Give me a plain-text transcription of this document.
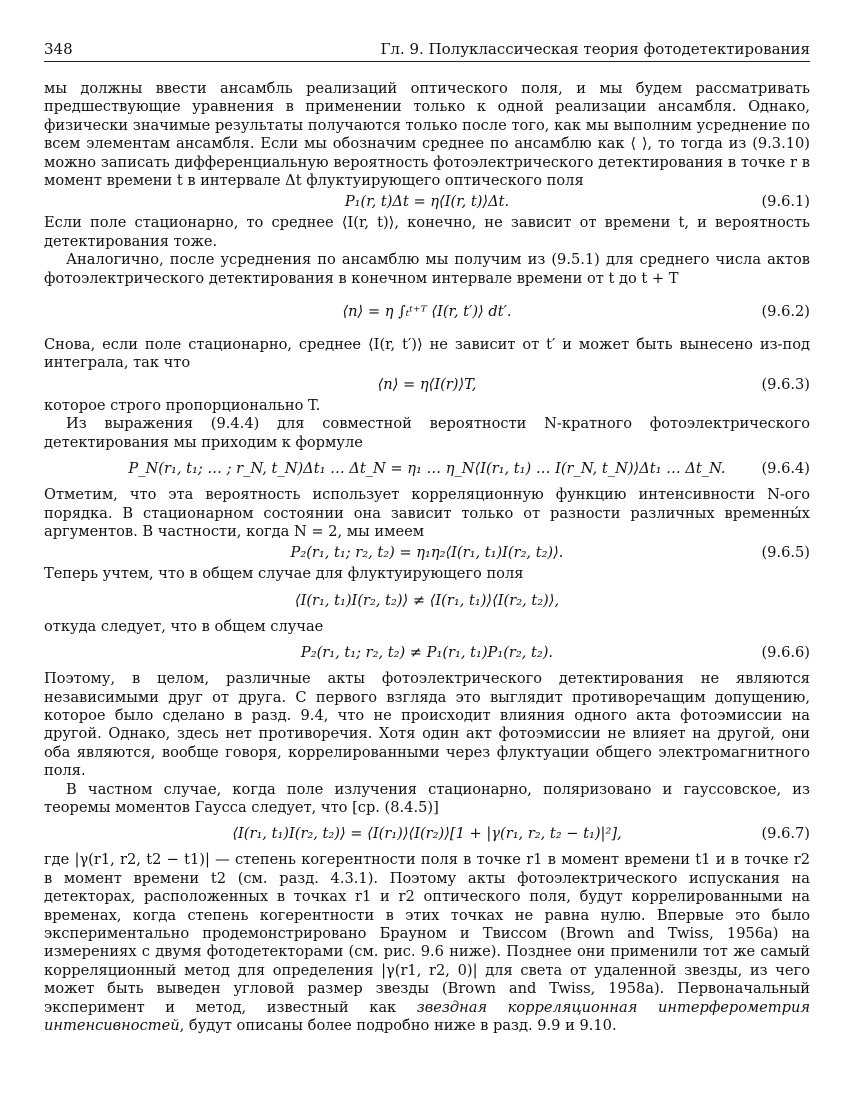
348	Гл. 9. Полуклассическая теория фотодетектирования

мы должны ввести ансамбль реализаций оптического поля, и мы будем рассматривать предшествующие уравнения в применении только к одной реализации ансамбля. Однако, физически значимые результаты получаются только после того, как мы выполним усреднение по всем элементам ансамбля. Если мы обозначим среднее по ансамблю как ⟨ ⟩, то тогда из (9.3.10) можно записать дифференциальную вероятность фотоэлектрического детектирования в точке r в момент времени t в интервале Δt флуктуирующего оптического поля

P₁(r, t)Δt = η⟨I(r, t)⟩Δt.	(9.6.1)

Если поле стационарно, то среднее ⟨I(r, t)⟩, конечно, не зависит от времени t, и вероятность детектирования тоже.

Аналогично, после усреднения по ансамблю мы получим из (9.5.1) для среднего числа актов фотоэлектрического детектирования в конечном интервале времени от t до t + T

⟨n⟩ = η ∫ₜᵗ⁺ᵀ ⟨I(r, t′)⟩ dt′.	(9.6.2)

Снова, если поле стационарно, среднее ⟨I(r, t′)⟩ не зависит от t′ и может быть вынесено из-под интеграла, так что

⟨n⟩ = η⟨I(r)⟩T,	(9.6.3)

которое строго пропорционально T.

Из выражения (9.4.4) для совместной вероятности N-кратного фотоэлектрического детектирования мы приходим к формуле

P_N(r₁, t₁; … ; r_N, t_N)Δt₁ … Δt_N = η₁ … η_N⟨I(r₁, t₁) … I(r_N, t_N)⟩Δt₁ … Δt_N.	(9.6.4)

Отметим, что эта вероятность использует корреляционную функцию интенсивности N-ого порядка. В стационарном состоянии она зависит только от разности различных временны́х аргументов. В частности, когда N = 2, мы имеем

P₂(r₁, t₁; r₂, t₂) = η₁η₂⟨I(r₁, t₁)I(r₂, t₂)⟩.	(9.6.5)

Теперь учтем, что в общем случае для флуктуирующего поля

⟨I(r₁, t₁)I(r₂, t₂)⟩ ≠ ⟨I(r₁, t₁)⟩⟨I(r₂, t₂)⟩,

откуда следует, что в общем случае

P₂(r₁, t₁; r₂, t₂) ≠ P₁(r₁, t₁)P₁(r₂, t₂).	(9.6.6)

Поэтому, в целом, различные акты фотоэлектрического детектирования не являются независимыми друг от друга. С первого взгляда это выглядит противоречащим допущению, которое было сделано в разд. 9.4, что не происходит влияния одного акта фотоэмиссии на другой. Однако, здесь нет противоречия. Хотя один акт фотоэмиссии не влияет на другой, они оба являются, вообще говоря, коррелированными через флуктуации общего электромагнитного поля.

В частном случае, когда поле излучения стационарно, поляризовано и гауссовское, из теоремы моментов Гаусса следует, что [ср. (8.4.5)]

⟨I(r₁, t₁)I(r₂, t₂)⟩ = ⟨I(r₁)⟩⟨I(r₂)⟩[1 + |γ(r₁, r₂, t₂ − t₁)|²],	(9.6.7)

где |γ(r1, r2, t2 − t1)| — степень когерентности поля в точке r1 в момент времени t1 и в точке r2 в момент времени t2 (см. разд. 4.3.1). Поэтому акты фотоэлектрического испускания на детекторах, расположенных в точках r1 и r2 оптического поля, будут коррелированными на временах, когда степень когерентности в этих точках не равна нулю. Впервые это было экспериментально продемонстрировано Брауном и Твиссом (Brown and Twiss, 1956a) на измерениях с двумя фотодетекторами (см. рис. 9.6 ниже). Позднее они применили тот же самый корреляционный метод для определения |γ(r1, r2, 0)| для света от удаленной звезды, из чего может быть выведен угловой размер звезды (Brown and Twiss, 1958a). Первоначальный эксперимент и метод, известный как звездная корреляционная интерферометрия интенсивностей, будут описаны более подробно ниже в разд. 9.9 и 9.10.
